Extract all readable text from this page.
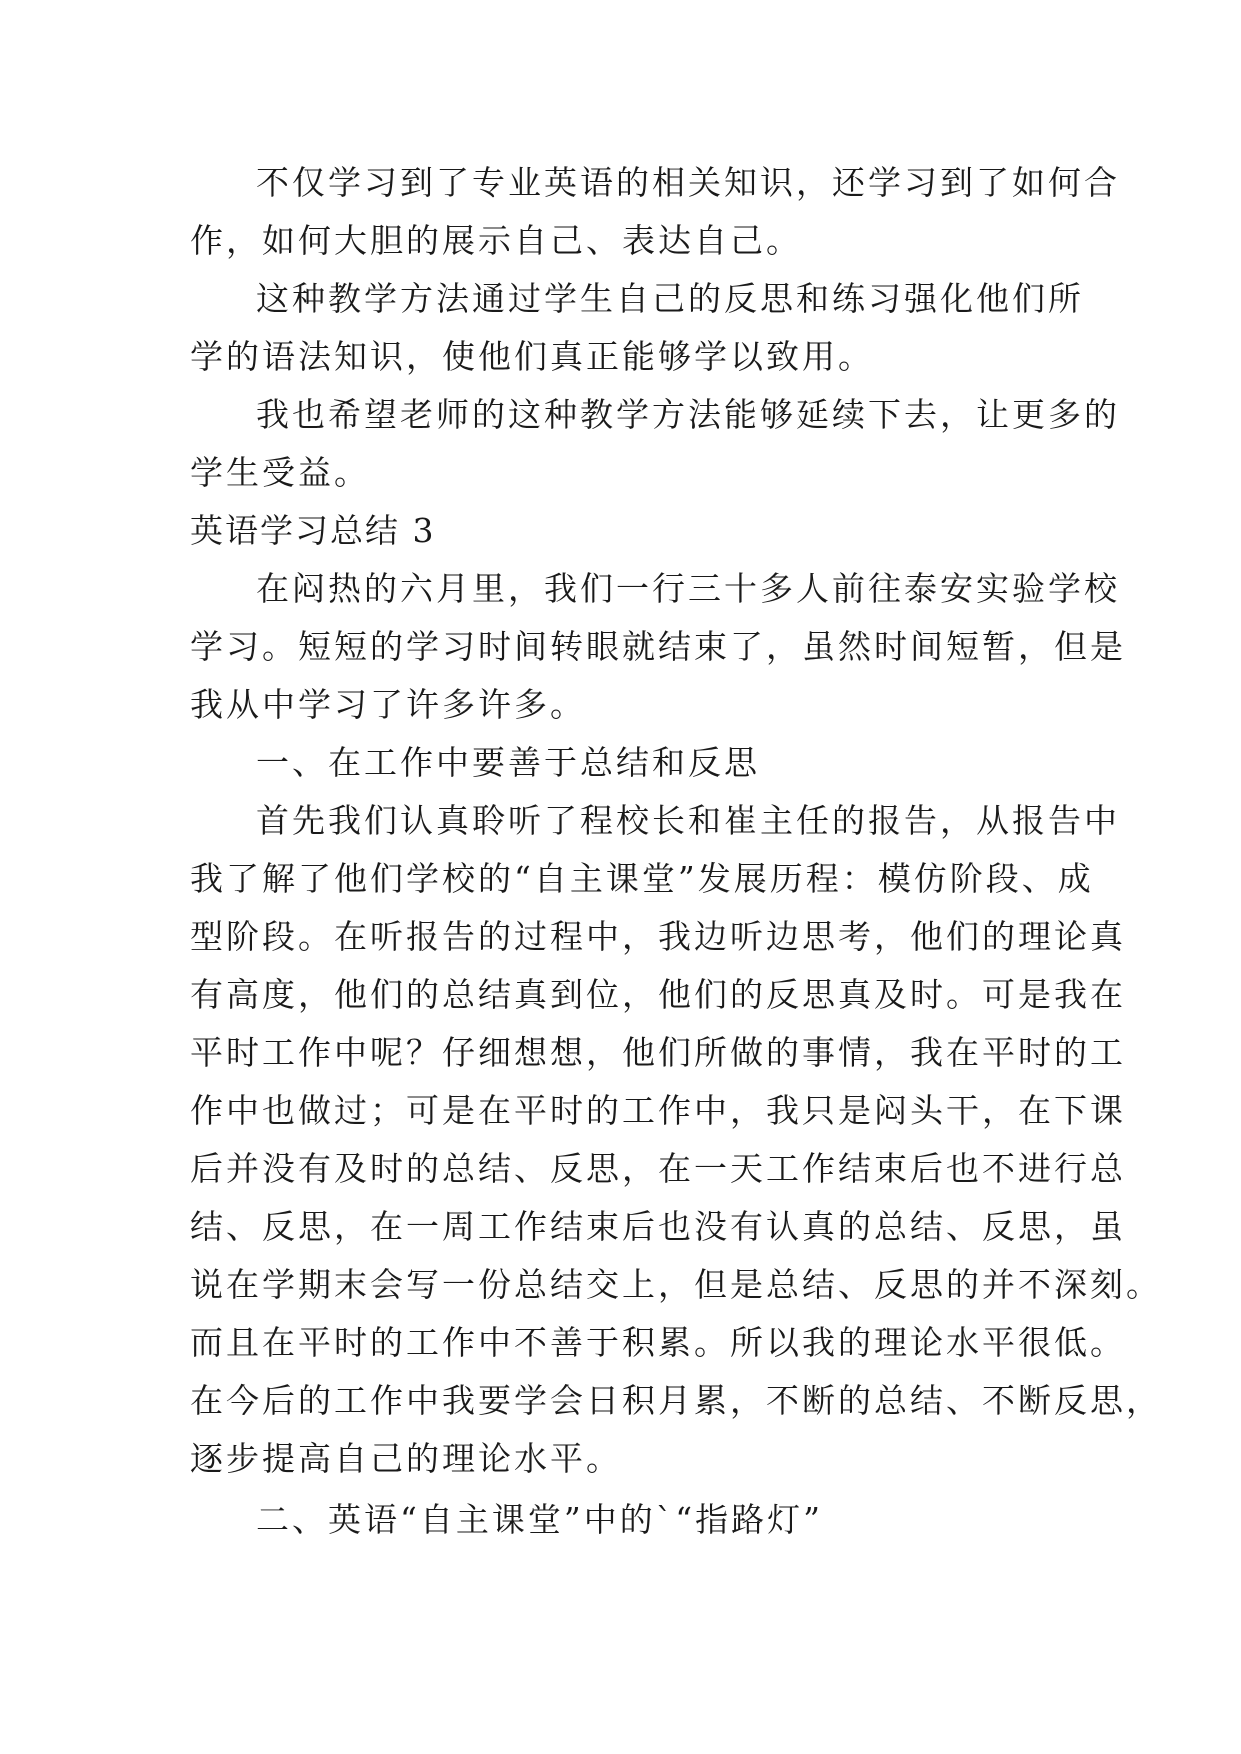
不仅学习到了专业英语的相关知识，还学习到了如何合
作，如何大胆的展示自己、表达自己。
这种教学方法通过学生自己的反思和练习强化他们所
学的语法知识，使他们真正能够学以致用。
我也希望老师的这种教学方法能够延续下去，让更多的
学生受益。
英语学习总结 3
在闷热的六月里，我们一行三十多人前往泰安实验学校
学习。短短的学习时间转眼就结束了，虽然时间短暂，但是
我从中学习了许多许多。
一、在工作中要善于总结和反思
首先我们认真聆听了程校长和崔主任的报告，从报告中
我了解了他们学校的“自主课堂”发展历程：模仿阶段、成
型阶段。在听报告的过程中，我边听边思考，他们的理论真
有高度，他们的总结真到位，他们的反思真及时。可是我在
平时工作中呢？仔细想想，他们所做的事情，我在平时的工
作中也做过；可是在平时的工作中，我只是闷头干，在下课
后并没有及时的总结、反思，在一天工作结束后也不进行总
结、反思，在一周工作结束后也没有认真的总结、反思，虽
说在学期末会写一份总结交上，但是总结、反思的并不深刻。
而且在平时的工作中不善于积累。所以我的理论水平很低。
在今后的工作中我要学会日积月累，不断的总结、不断反思，
逐步提高自己的理论水平。
二、英语“自主课堂”中的`“指路灯”
